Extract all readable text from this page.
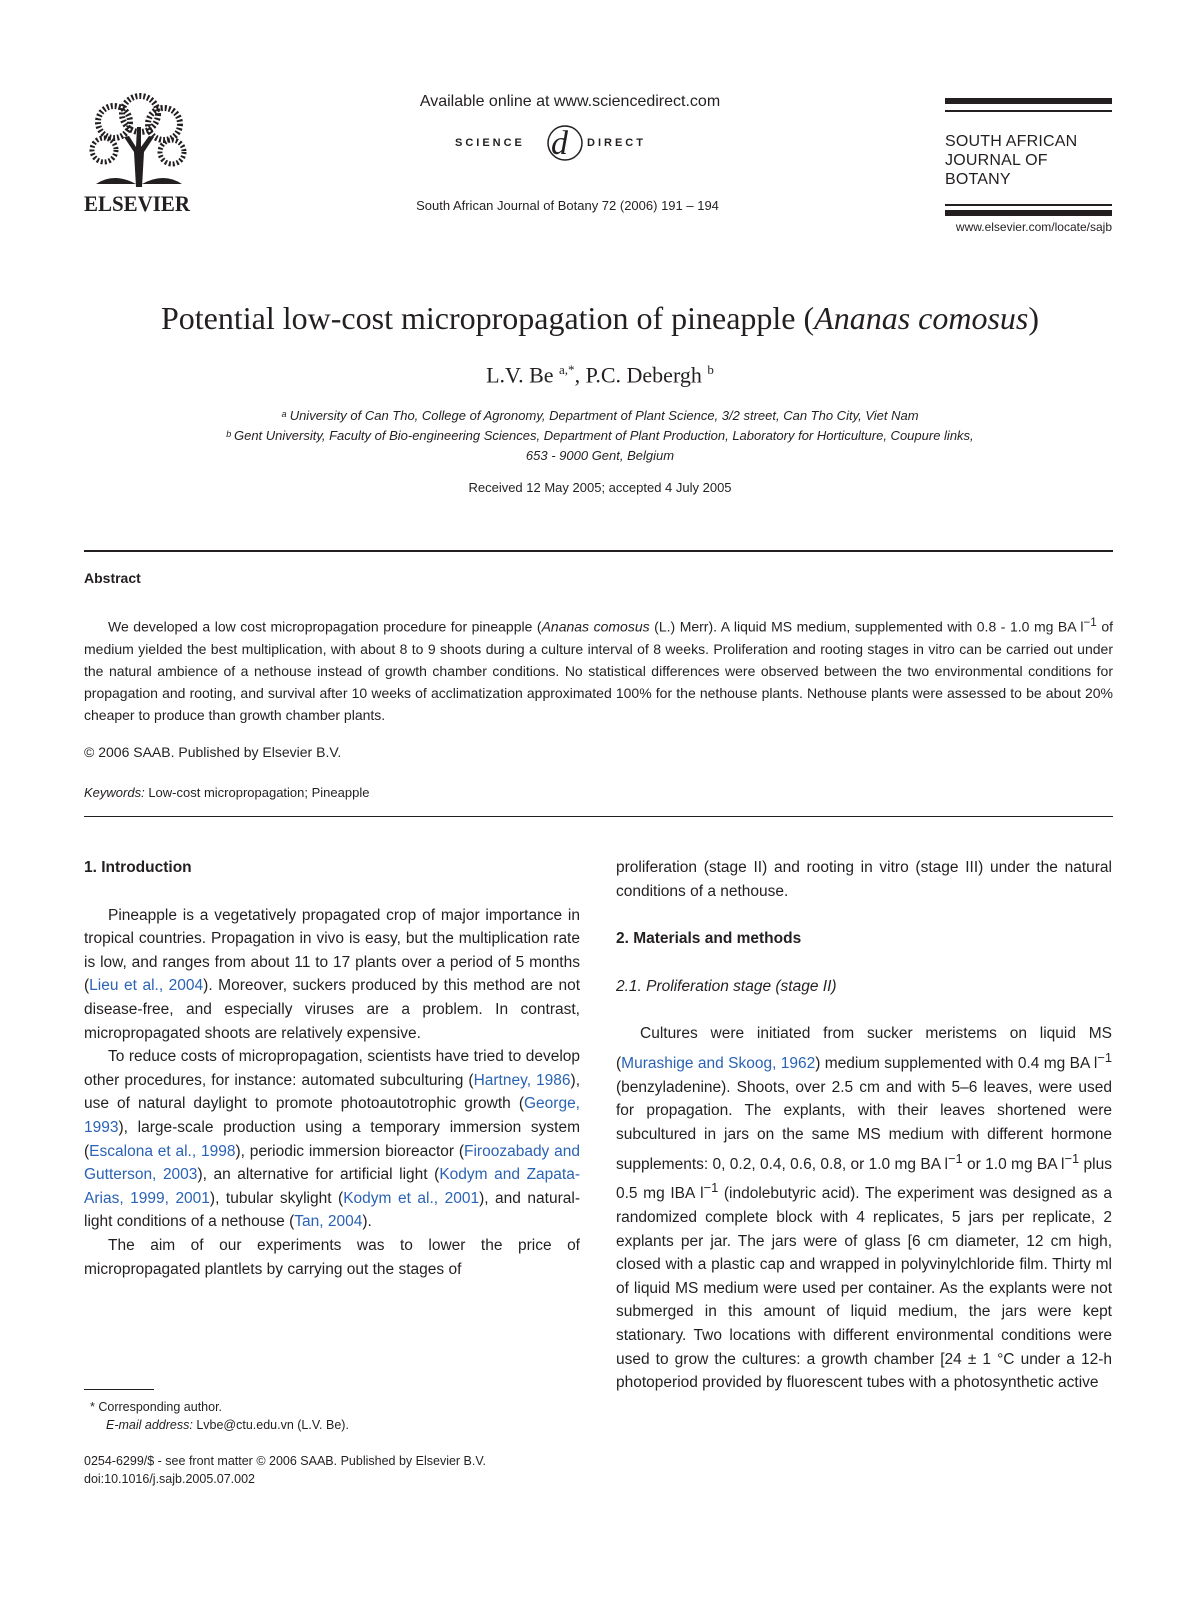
ELSEVIER
Available online at www.sciencedirect.com
SCIENCE d DIRECT
South African Journal of Botany 72 (2006) 191 – 194
SOUTH AFRICAN
JOURNAL OF BOTANY
www.elsevier.com/locate/sajb
Potential low-cost micropropagation of pineapple (Ananas comosus)
L.V. Be $^{a,*}$, P.C. Debergh $^b$
ᵃ University of Can Tho, College of Agronomy, Department of Plant Science, 3/2 street, Can Tho City, Viet Nam
ᵇ Gent University, Faculty of Bio-engineering Sciences, Department of Plant Production, Laboratory for Horticulture, Coupure links,
653 - 9000 Gent, Belgium
Received 12 May 2005; accepted 4 July 2005
Abstract

We developed a low cost micropropagation procedure for pineapple (Ananas comosus (L.) Merr). A liquid MS medium, supplemented with 0.8 - 1.0 mg BA $l^{-1}$ of medium yielded the best multiplication, with about 8 to 9 shoots during a culture interval of 8 weeks. Proliferation and rooting stages in vitro can be carried out under the natural ambience of a nethouse instead of growth chamber conditions. No statistical differences were observed between the two environmental conditions for propagation and rooting, and survival after 10 weeks of acclimatization approximated 100% for the nethouse plants. Nethouse plants were assessed to be about 20% cheaper to produce than growth chamber plants.

© 2006 SAAB. Published by Elsevier B.V.
Keywords: Low-cost micropropagation; Pineapple
1. Introduction

Pineapple is a vegetatively propagated crop of major importance in tropical countries. Propagation in vivo is easy, but the multiplication rate is low, and ranges from about 11 to 17 plants over a period of 5 months (Lieu et al., 2004). Moreover, suckers produced by this method are not disease-free, and especially viruses are a problem. In contrast, micropropagated shoots are relatively expensive.

To reduce costs of micropropagation, scientists have tried to develop other procedures, for instance: automated subculturing (Hartney, 1986), use of natural daylight to promote photoautotrophic growth (George, 1993), large-scale production using a temporary immersion system (Escalona et al., 1998), periodic immersion bioreactor (Firoozabady and Gutterson, 2003), an alternative for artificial light (Kodym and Zapata-Arias, 1999, 2001), tubular skylight (Kodym et al., 2001), and natural-light conditions of a nethouse (Tan, 2004).

The aim of our experiments was to lower the price of micropropagated plantlets by carrying out the stages of

proliferation (stage II) and rooting in vitro (stage III) under the natural conditions of a nethouse.

2. Materials and methods
2.1. Proliferation stage (stage II)

Cultures were initiated from sucker meristems on liquid MS (Murashige and Skoog, 1962) medium supplemented with 0.4 mg BA $l^{-1}$ (benzyladenine). Shoots, over 2.5 cm and with 5–6 leaves, were used for propagation. The explants, with their leaves shortened were subcultured in jars on the same MS medium with different hormone supplements: 0, 0.2, 0.4, 0.6, 0.8, or 1.0 mg BA $l^{-1}$ or 1.0 mg BA $l^{-1}$ plus 0.5 mg IBA $l^{-1}$ (indolebutyric acid). The experiment was designed as a randomized complete block with 4 replicates, 5 jars per replicate, 2 explants per jar. The jars were of glass [6 cm diameter, 12 cm high, closed with a plastic cap and wrapped in polyvinylchloride film. Thirty ml of liquid MS medium were used per container. As the explants were not submerged in this amount of liquid medium, the jars were kept stationary. Two locations with different environmental conditions were used to grow the cultures: a growth chamber [24 ± 1 °C under a 12-h photoperiod provided by fluorescent tubes with a photosynthetic active

* Corresponding author.
E-mail address: Lvbe@ctu.edu.vn (L.V. Be).
0254-6299/$ - see front matter © 2006 SAAB. Published by Elsevier B.V.
doi:10.1016/j.sajb.2005.07.002
